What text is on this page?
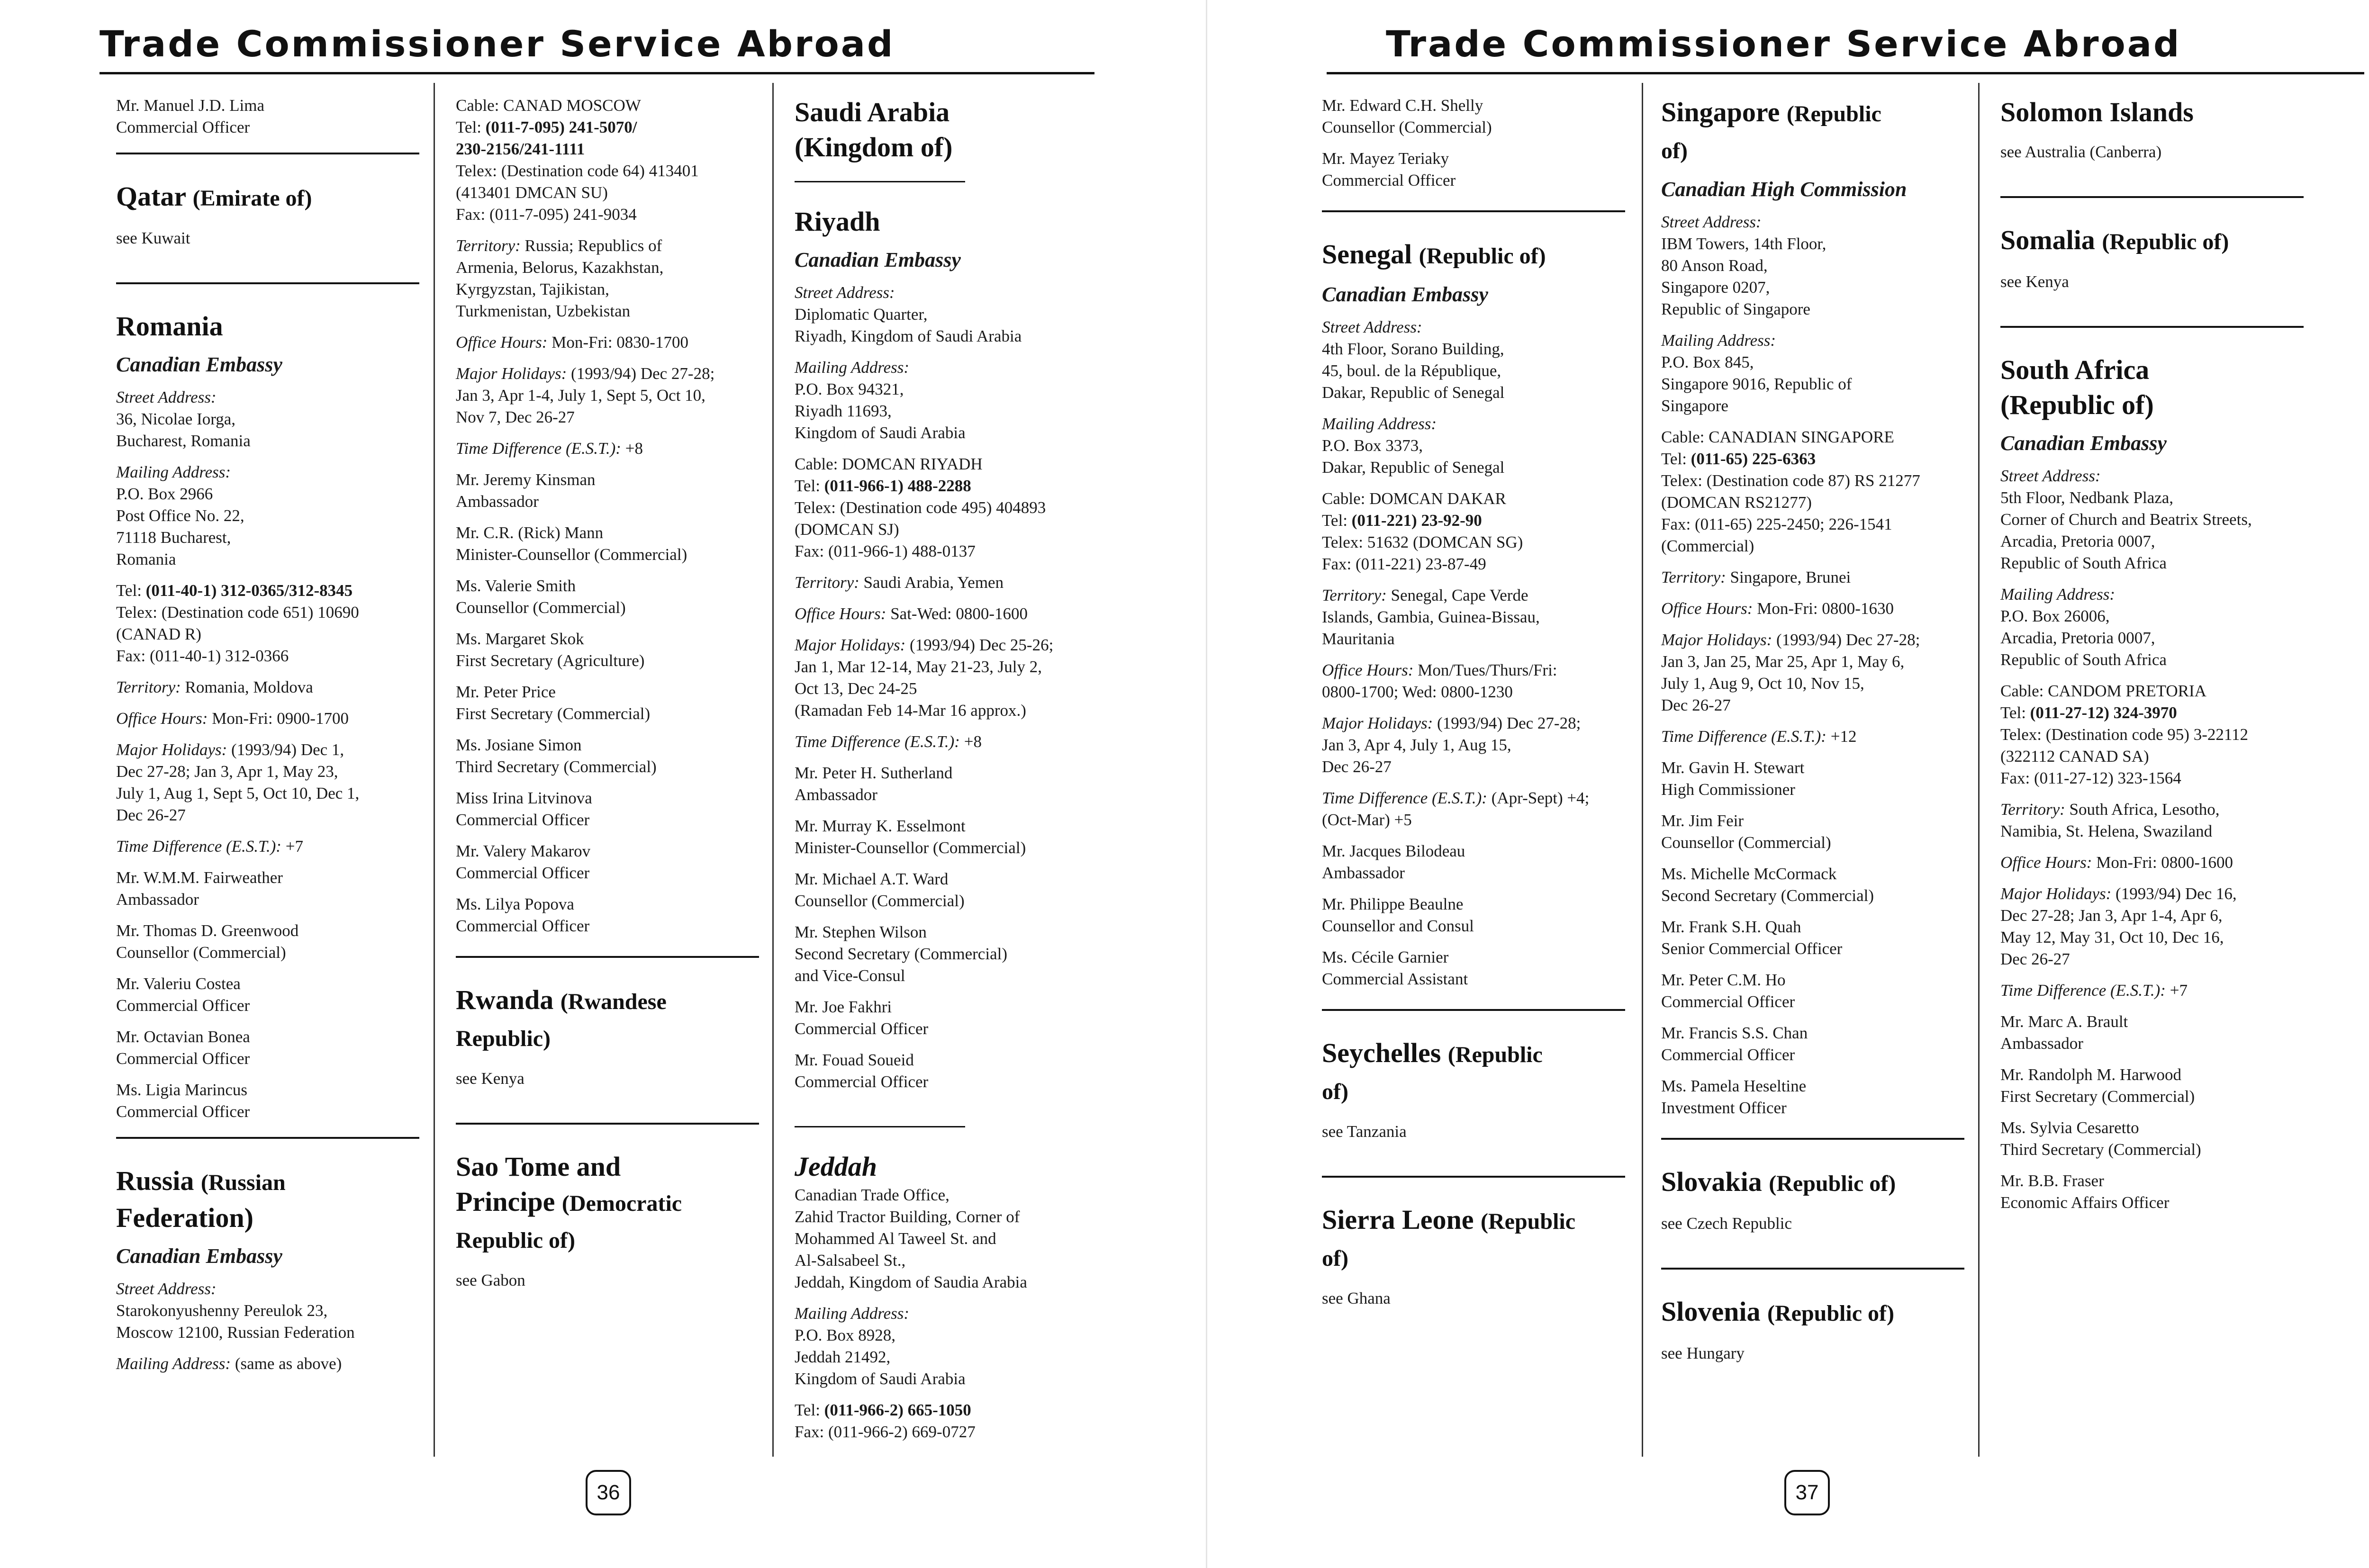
Trade Commissioner Service Abroad
Mr. Manuel J.D. Lima
Commercial Officer
Qatar (Emirate of)
see Kuwait
Romania
Canadian Embassy
Street Address:
36, Nicolae Iorga,
Bucharest, Romania
Mailing Address:
P.O. Box 2966
Post Office No. 22,
71118 Bucharest,
Romania
Tel: (011-40-1) 312-0365/312-8345
Telex: (Destination code 651) 10690
(CANAD R)
Fax: (011-40-1) 312-0366
Territory: Romania, Moldova
Office Hours: Mon-Fri: 0900-1700
Major Holidays: (1993/94) Dec 1,
Dec 27-28; Jan 3, Apr 1, May 23,
July 1, Aug 1, Sept 5, Oct 10, Dec 1,
Dec 26-27
Time Difference (E.S.T.): +7
Mr. W.M.M. Fairweather
Ambassador
Mr. Thomas D. Greenwood
Counsellor (Commercial)
Mr. Valeriu Costea
Commercial Officer
Mr. Octavian Bonea
Commercial Officer
Ms. Ligia Marincus
Commercial Officer
Russia (Russian
Federation)
Canadian Embassy
Street Address:
Starokonyushenny Pereulok 23,
Moscow 12100, Russian Federation
Mailing Address: (same as above)
Cable: CANAD MOSCOW
Tel: (011-7-095) 241-5070/
230-2156/241-1111
Telex: (Destination code 64) 413401
(413401 DMCAN SU)
Fax: (011-7-095) 241-9034
Territory: Russia; Republics of
Armenia, Belorus, Kazakhstan,
Kyrgyzstan, Tajikistan,
Turkmenistan, Uzbekistan
Office Hours: Mon-Fri: 0830-1700
Major Holidays: (1993/94) Dec 27-28;
Jan 3, Apr 1-4, July 1, Sept 5, Oct 10,
Nov 7, Dec 26-27
Time Difference (E.S.T.): +8
Mr. Jeremy Kinsman
Ambassador
Mr. C.R. (Rick) Mann
Minister-Counsellor (Commercial)
Ms. Valerie Smith
Counsellor (Commercial)
Ms. Margaret Skok
First Secretary (Agriculture)
Mr. Peter Price
First Secretary (Commercial)
Ms. Josiane Simon
Third Secretary (Commercial)
Miss Irina Litvinova
Commercial Officer
Mr. Valery Makarov
Commercial Officer
Ms. Lilya Popova
Commercial Officer
Rwanda (Rwandese
Republic)
see Kenya
Sao Tome and
Principe (Democratic
Republic of)
see Gabon
Saudi Arabia
(Kingdom of)
Riyadh
Canadian Embassy
Street Address:
Diplomatic Quarter,
Riyadh, Kingdom of Saudi Arabia
Mailing Address:
P.O. Box 94321,
Riyadh 11693,
Kingdom of Saudi Arabia
Cable: DOMCAN RIYADH
Tel: (011-966-1) 488-2288
Telex: (Destination code 495) 404893
(DOMCAN SJ)
Fax: (011-966-1) 488-0137
Territory: Saudi Arabia, Yemen
Office Hours: Sat-Wed: 0800-1600
Major Holidays: (1993/94) Dec 25-26;
Jan 1, Mar 12-14, May 21-23, July 2,
Oct 13, Dec 24-25
(Ramadan Feb 14-Mar 16 approx.)
Time Difference (E.S.T.): +8
Mr. Peter H. Sutherland
Ambassador
Mr. Murray K. Esselmont
Minister-Counsellor (Commercial)
Mr. Michael A.T. Ward
Counsellor (Commercial)
Mr. Stephen Wilson
Second Secretary (Commercial)
and Vice-Consul
Mr. Joe Fakhri
Commercial Officer
Mr. Fouad Soueid
Commercial Officer
Jeddah
Canadian Trade Office,
Zahid Tractor Building, Corner of
Mohammed Al Taweel St. and
Al-Salsabeel St.,
Jeddah, Kingdom of Saudia Arabia
Mailing Address:
P.O. Box 8928,
Jeddah 21492,
Kingdom of Saudi Arabia
Tel: (011-966-2) 665-1050
Fax: (011-966-2) 669-0727
36
Trade Commissioner Service Abroad
Mr. Edward C.H. Shelly
Counsellor (Commercial)
Mr. Mayez Teriaky
Commercial Officer
Senegal (Republic of)
Canadian Embassy
Street Address:
4th Floor, Sorano Building,
45, boul. de la République,
Dakar, Republic of Senegal
Mailing Address:
P.O. Box 3373,
Dakar, Republic of Senegal
Cable: DOMCAN DAKAR
Tel: (011-221) 23-92-90
Telex: 51632 (DOMCAN SG)
Fax: (011-221) 23-87-49
Territory: Senegal, Cape Verde
Islands, Gambia, Guinea-Bissau,
Mauritania
Office Hours: Mon/Tues/Thurs/Fri:
0800-1700; Wed: 0800-1230
Major Holidays: (1993/94) Dec 27-28;
Jan 3, Apr 4, July 1, Aug 15,
Dec 26-27
Time Difference (E.S.T.): (Apr-Sept) +4;
(Oct-Mar) +5
Mr. Jacques Bilodeau
Ambassador
Mr. Philippe Beaulne
Counsellor and Consul
Ms. Cécile Garnier
Commercial Assistant
Seychelles (Republic
of)
see Tanzania
Sierra Leone (Republic
of)
see Ghana
Singapore (Republic
of)
Canadian High Commission
Street Address:
IBM Towers, 14th Floor,
80 Anson Road,
Singapore 0207,
Republic of Singapore
Mailing Address:
P.O. Box 845,
Singapore 9016, Republic of
Singapore
Cable: CANADIAN SINGAPORE
Tel: (011-65) 225-6363
Telex: (Destination code 87) RS 21277
(DOMCAN RS21277)
Fax: (011-65) 225-2450; 226-1541
(Commercial)
Territory: Singapore, Brunei
Office Hours: Mon-Fri: 0800-1630
Major Holidays: (1993/94) Dec 27-28;
Jan 3, Jan 25, Mar 25, Apr 1, May 6,
July 1, Aug 9, Oct 10, Nov 15,
Dec 26-27
Time Difference (E.S.T.): +12
Mr. Gavin H. Stewart
High Commissioner
Mr. Jim Feir
Counsellor (Commercial)
Ms. Michelle McCormack
Second Secretary (Commercial)
Mr. Frank S.H. Quah
Senior Commercial Officer
Mr. Peter C.M. Ho
Commercial Officer
Mr. Francis S.S. Chan
Commercial Officer
Ms. Pamela Heseltine
Investment Officer
Slovakia (Republic of)
see Czech Republic
Slovenia (Republic of)
see Hungary
Solomon Islands
see Australia (Canberra)
Somalia (Republic of)
see Kenya
South Africa
(Republic of)
Canadian Embassy
Street Address:
5th Floor, Nedbank Plaza,
Corner of Church and Beatrix Streets,
Arcadia, Pretoria 0007,
Republic of South Africa
Mailing Address:
P.O. Box 26006,
Arcadia, Pretoria 0007,
Republic of South Africa
Cable: CANDOM PRETORIA
Tel: (011-27-12) 324-3970
Telex: (Destination code 95) 3-22112
(322112 CANAD SA)
Fax: (011-27-12) 323-1564
Territory: South Africa, Lesotho,
Namibia, St. Helena, Swaziland
Office Hours: Mon-Fri: 0800-1600
Major Holidays: (1993/94) Dec 16,
Dec 27-28; Jan 3, Apr 1-4, Apr 6,
May 12, May 31, Oct 10, Dec 16,
Dec 26-27
Time Difference (E.S.T.): +7
Mr. Marc A. Brault
Ambassador
Mr. Randolph M. Harwood
First Secretary (Commercial)
Ms. Sylvia Cesaretto
Third Secretary (Commercial)
Mr. B.B. Fraser
Economic Affairs Officer
37
